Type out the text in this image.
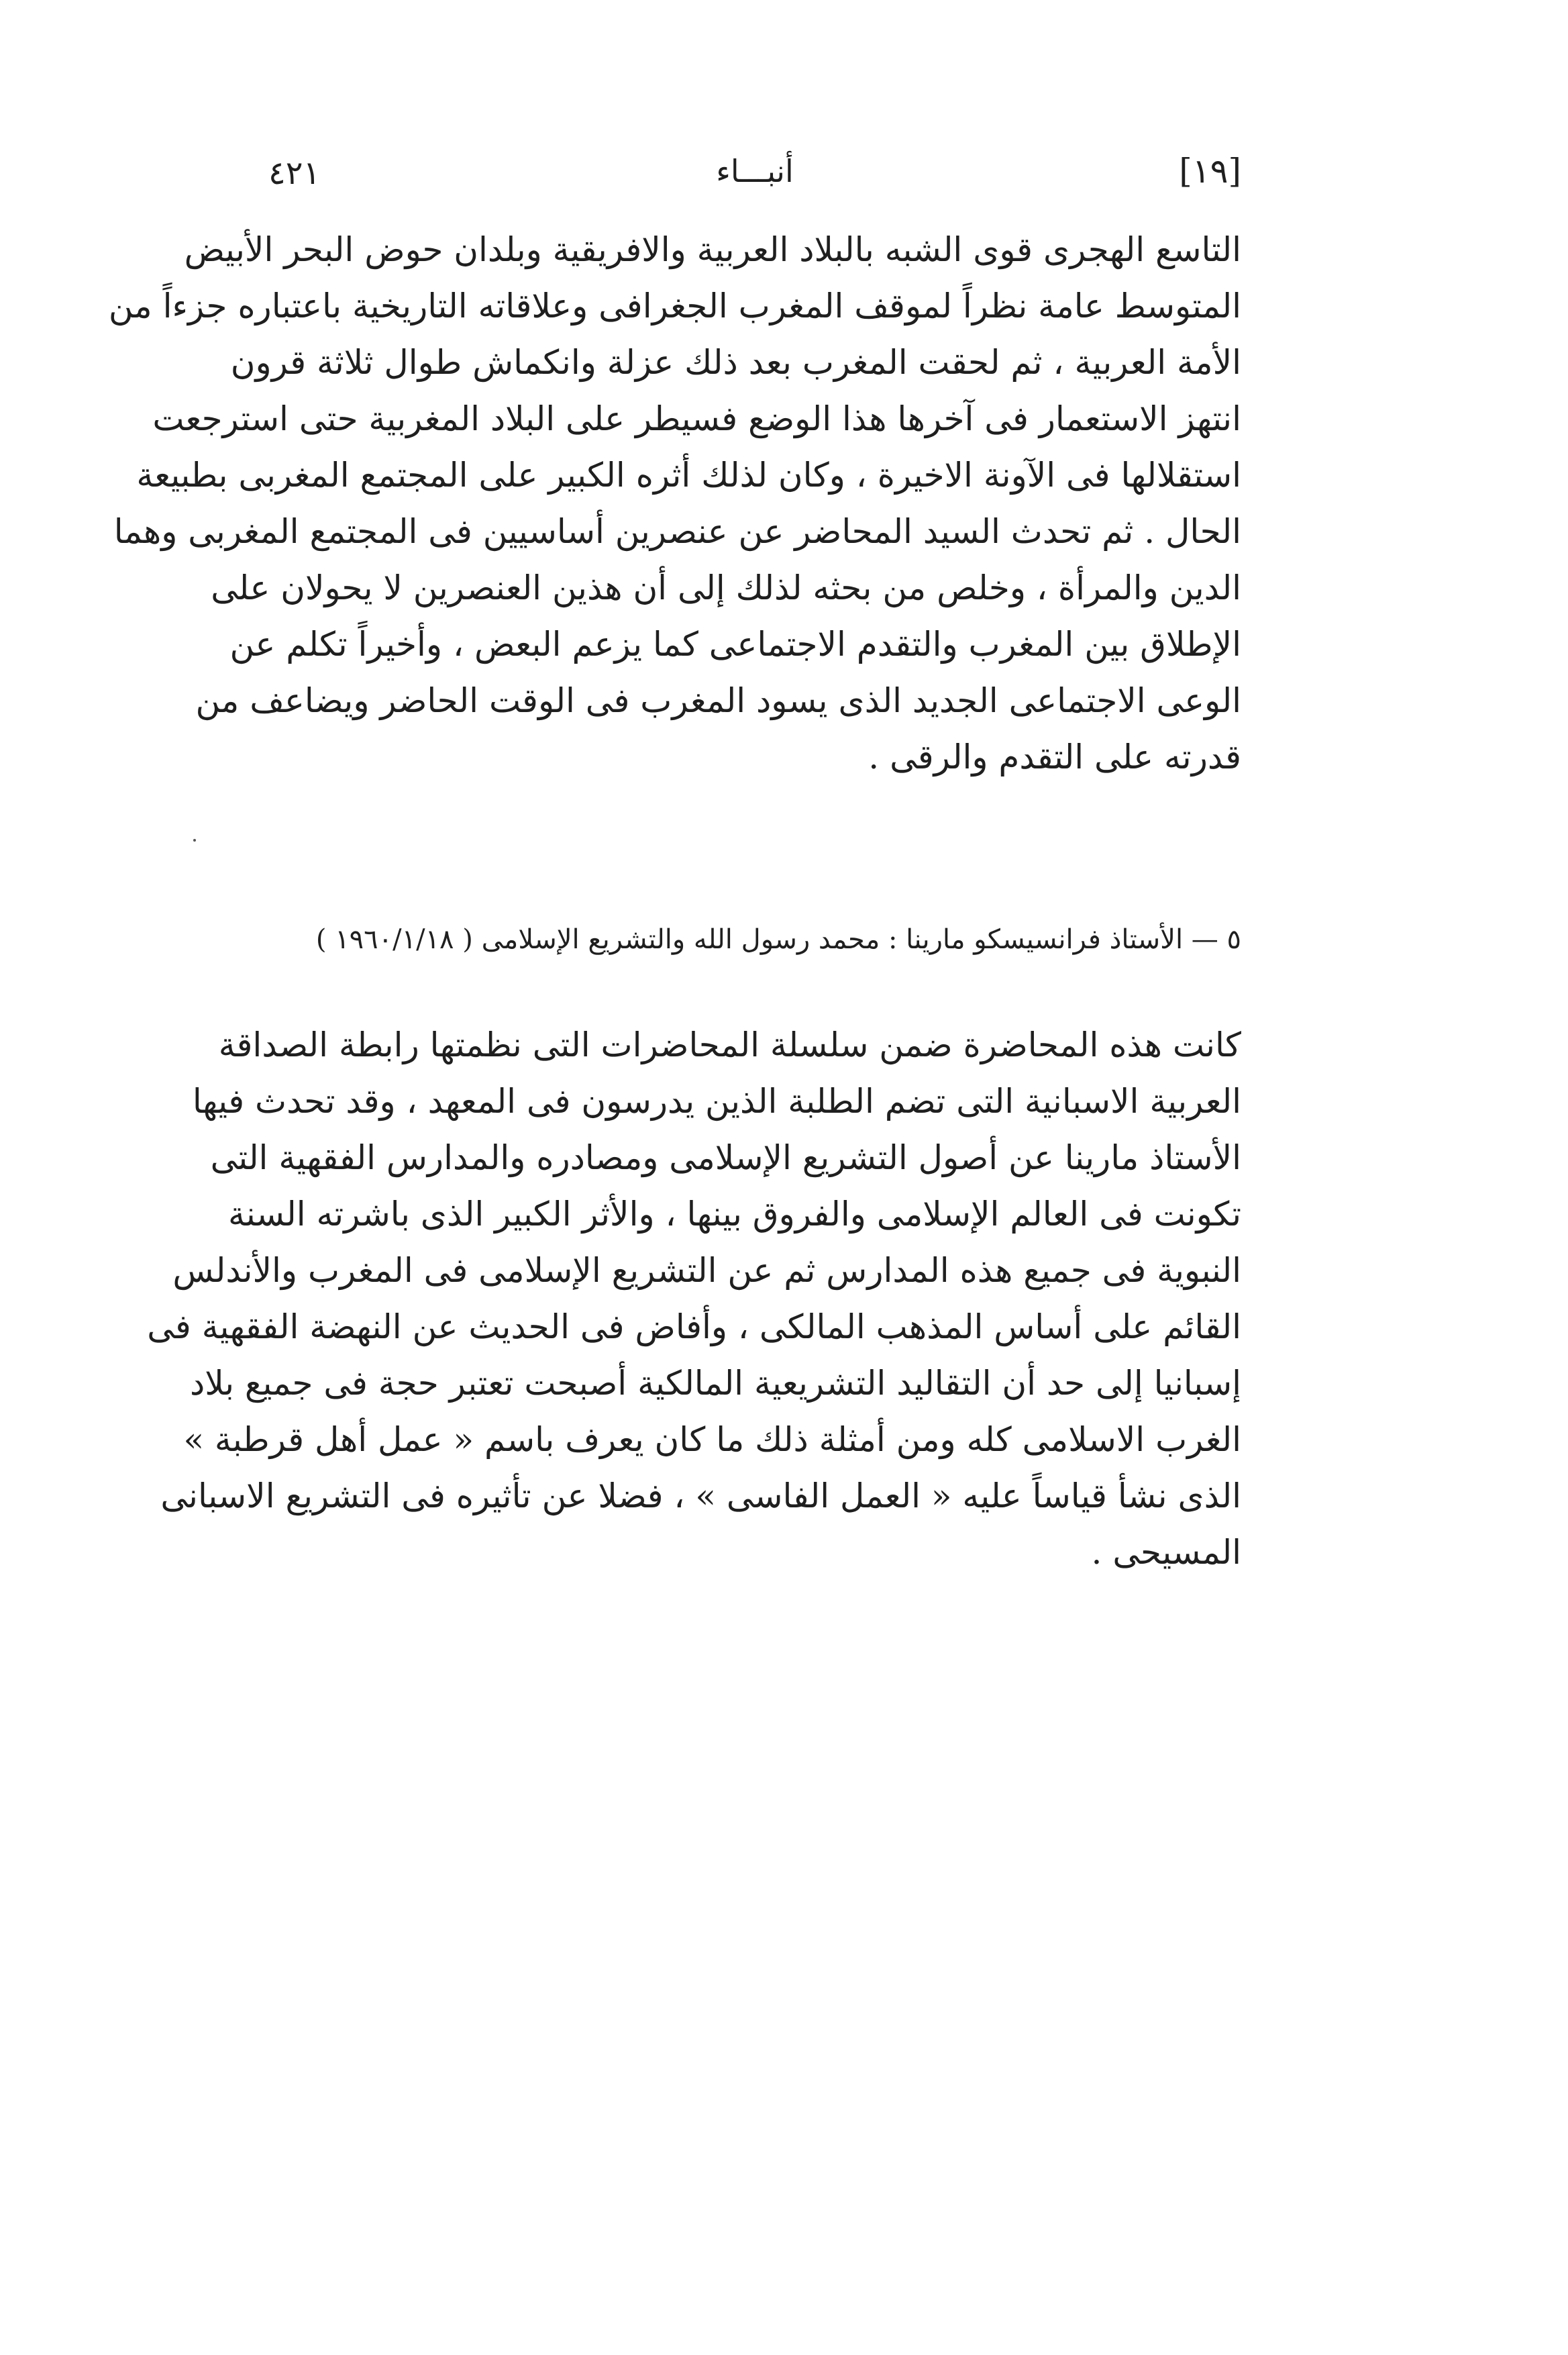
٤٢١	أنبـــاء	[١٩]

التاسع الهجرى قوى الشبه بالبلاد العربية والافريقية وبلدان حوض البحر الأبيض
المتوسط عامة نظراً لموقف المغرب الجغرافى وعلاقاته التاريخية باعتباره جزءاً من
الأمة العربية ، ثم لحقت المغرب بعد ذلك عزلة وانكماش طوال ثلاثة قرون
انتهز الاستعمار فى آخرها هذا الوضع فسيطر على البلاد المغربية حتى استرجعت
استقلالها فى الآونة الاخيرة ، وكان لذلك أثره الكبير على المجتمع المغربى بطبيعة
الحال . ثم تحدث السيد المحاضر عن عنصرين أساسيين فى المجتمع المغربى وهما
الدين والمرأة ، وخلص من بحثه لذلك إلى أن هذين العنصرين لا يحولان على
الإطلاق بين المغرب والتقدم الاجتماعى كما يزعم البعض ، وأخيراً تكلم عن
الوعى الاجتماعى الجديد الذى يسود المغرب فى الوقت الحاضر ويضاعف من
قدرته على التقدم والرقى .

٥ — الأستاذ فرانسيسكو مارينا : محمد رسول الله والتشريع الإسلامى ( ١٩٦٠/١/١٨ )

كانت هذه المحاضرة ضمن سلسلة المحاضرات التى نظمتها رابطة الصداقة
العربية الاسبانية التى تضم الطلبة الذين يدرسون فى المعهد ، وقد تحدث فيها
الأستاذ مارينا عن أصول التشريع الإسلامى ومصادره والمدارس الفقهية التى
تكونت فى العالم الإسلامى والفروق بينها ، والأثر الكبير الذى باشرته السنة
النبوية فى جميع هذه المدارس ثم عن التشريع الإسلامى فى المغرب والأندلس
القائم على أساس المذهب المالكى ، وأفاض فى الحديث عن النهضة الفقهية فى
إسبانيا إلى حد أن التقاليد التشريعية المالكية أصبحت تعتبر حجة فى جميع بلاد
الغرب الاسلامى كله ومن أمثلة ذلك ما كان يعرف باسم « عمل أهل قرطبة »
الذى نشأ قياساً عليه « العمل الفاسى » ، فضلا عن تأثيره فى التشريع الاسبانى
المسيحى .
